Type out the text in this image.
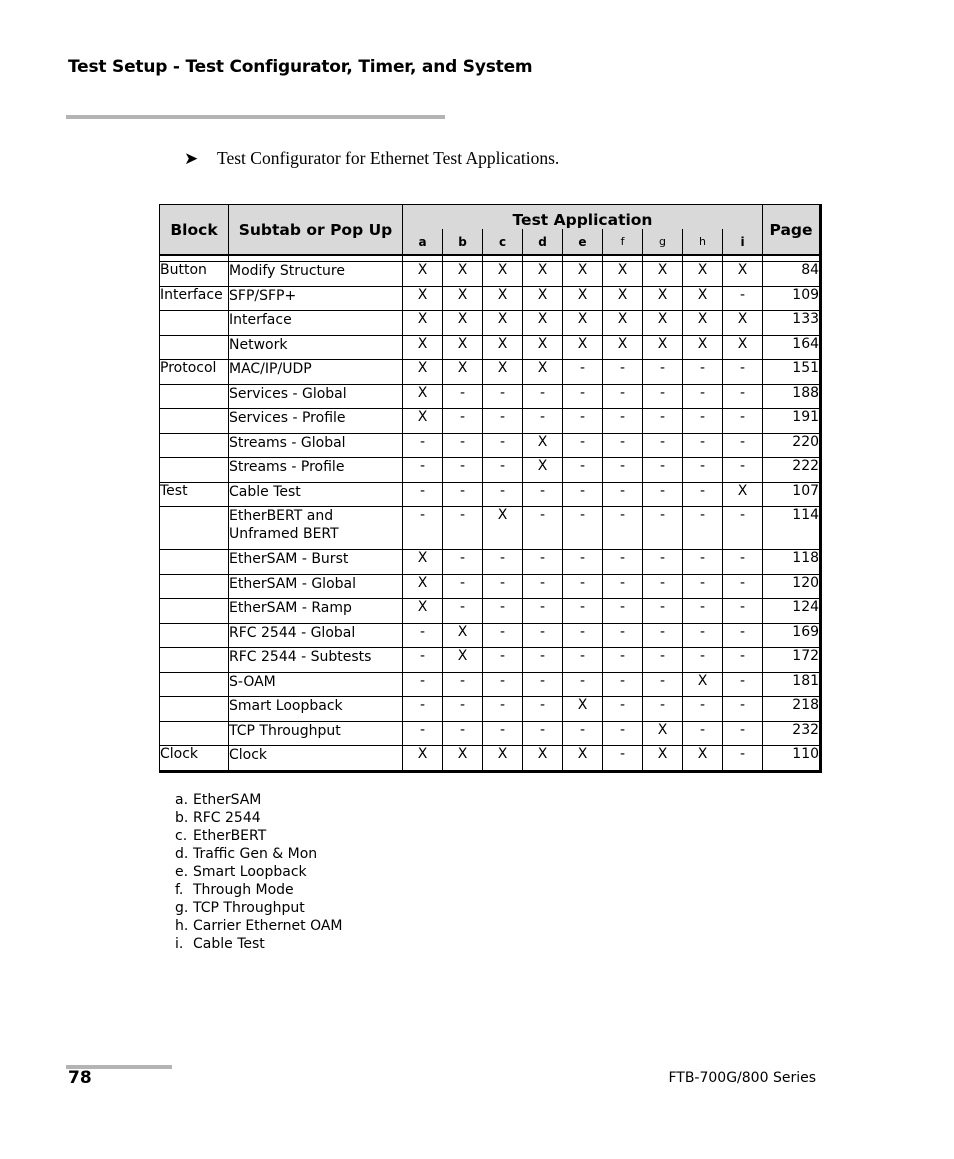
Test Setup - Test Configurator, Timer, and System
➤	Test Configurator for Ethernet Test Applications.
Block	Subtab or Pop Up	Test Application									Page
		a	b	c	d	e	f	g	h	i	

Button	Modify Structure	X	X	X	X	X	X	X	X	X	84
Interface	SFP/SFP+	X	X	X	X	X	X	X	X	-	109
	Interface	X	X	X	X	X	X	X	X	X	133
	Network	X	X	X	X	X	X	X	X	X	164
Protocol	MAC/IP/UDP	X	X	X	X	-	-	-	-	-	151
	Services - Global	X	-	-	-	-	-	-	-	-	188
	Services - Profile	X	-	-	-	-	-	-	-	-	191
	Streams - Global	-	-	-	X	-	-	-	-	-	220
	Streams - Profile	-	-	-	X	-	-	-	-	-	222
Test	Cable Test	-	-	-	-	-	-	-	-	X	107
	EtherBERT and Unframed BERT	-	-	X	-	-	-	-	-	-	114
	EtherSAM - Burst	X	-	-	-	-	-	-	-	-	118
	EtherSAM - Global	X	-	-	-	-	-	-	-	-	120
	EtherSAM - Ramp	X	-	-	-	-	-	-	-	-	124
	RFC 2544 - Global	-	X	-	-	-	-	-	-	-	169
	RFC 2544 - Subtests	-	X	-	-	-	-	-	-	-	172
	S-OAM	-	-	-	-	-	-	-	X	-	181
	Smart Loopback	-	-	-	-	X	-	-	-	-	218
	TCP Throughput	-	-	-	-	-	-	X	-	-	232
Clock	Clock	X	X	X	X	X	-	X	X	-	110
a. EtherSAM
b. RFC 2544
c. EtherBERT
d. Traffic Gen & Mon
e. Smart Loopback
f. Through Mode
g. TCP Throughput
h. Carrier Ethernet OAM
i. Cable Test
78	FTB-700G/800 Series
